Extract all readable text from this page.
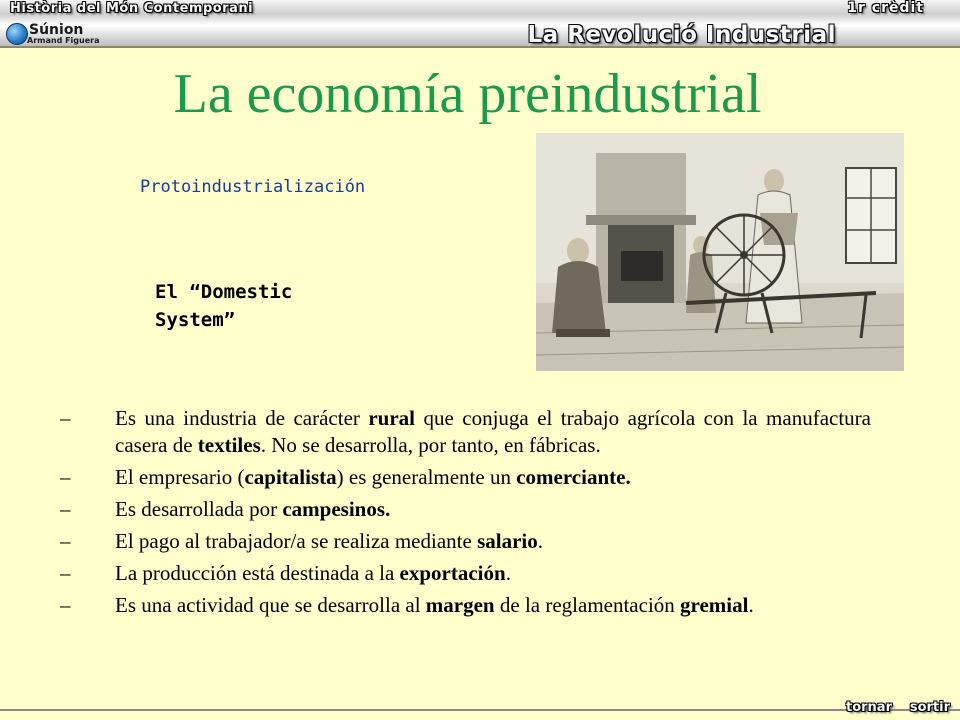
Història del Món Contemporani	1r crèdit
La Revolució Industrial
Súnion
Armand Figuera
La economía preindustrial
Protoindustrialización
El “Domestic
System”
– Es una industria de carácter rural que conjuga el trabajo agrícola con la manufactura casera de textiles. No se desarrolla, por tanto, en fábricas.
– El empresario (capitalista) es generalmente un comerciante.
– Es desarrollada por campesinos.
– El pago al trabajador/a se realiza mediante salario.
– La producción está destinada a la exportación.
– Es una actividad que se desarrolla al margen de la reglamentación gremial.
tornar sortir
